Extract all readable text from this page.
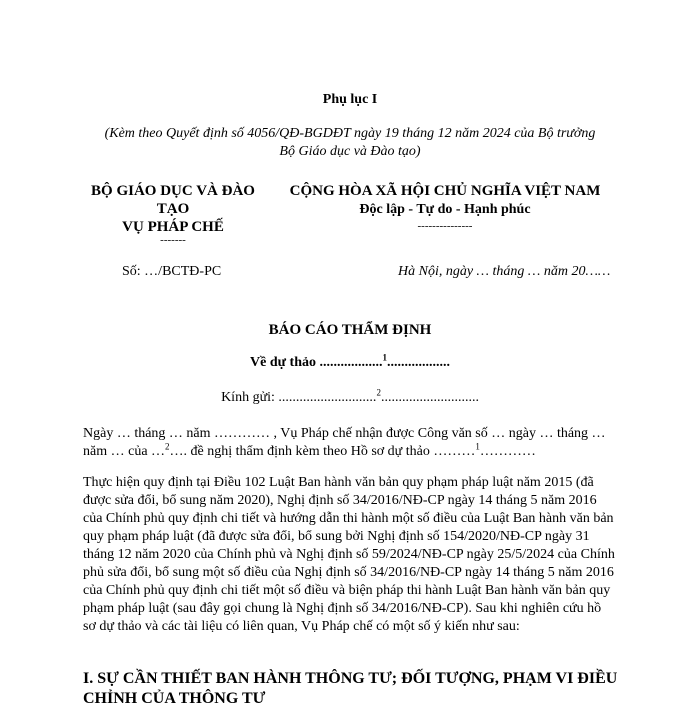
Phụ lục I
(Kèm theo Quyết định số 4056/QĐ-BGDĐT ngày 19 tháng 12 năm 2024 của Bộ trưởng
Bộ Giáo dục và Đào tạo)
BỘ GIÁO DỤC VÀ ĐÀO
TẠO
VỤ PHÁP CHẾ
-------
Số: …/BCTĐ-PC
CỘNG HÒA XÃ HỘI CHỦ NGHĨA VIỆT NAM
Độc lập - Tự do - Hạnh phúc
---------------
Hà Nội, ngày … tháng … năm 20……
BÁO CÁO THẨM ĐỊNH
Về dự thảo ..................$^1$..................
Kính gửi: ............................$^2$............................
Ngày … tháng … năm ………… , Vụ Pháp chế nhận được Công văn số … ngày … tháng … năm … của …$^2$…. đề nghị thẩm định kèm theo Hồ sơ dự thảo ………$^1$…………
Thực hiện quy định tại Điều 102 Luật Ban hành văn bản quy phạm pháp luật năm 2015 (đã được sửa đổi, bổ sung năm 2020), Nghị định số 34/2016/NĐ-CP ngày 14 tháng 5 năm 2016 của Chính phủ quy định chi tiết và hướng dẫn thi hành một số điều của Luật Ban hành văn bản quy phạm pháp luật (đã được sửa đổi, bổ sung bởi Nghị định số 154/2020/NĐ-CP ngày 31 tháng 12 năm 2020 của Chính phủ và Nghị định số 59/2024/NĐ-CP ngày 25/5/2024 của Chính phủ sửa đổi, bổ sung một số điều của Nghị định số 34/2016/NĐ-CP ngày 14 tháng 5 năm 2016 của Chính phủ quy định chi tiết một số điều và biện pháp thi hành Luật Ban hành văn bản quy phạm pháp luật (sau đây gọi chung là Nghị định số 34/2016/NĐ-CP). Sau khi nghiên cứu hồ sơ dự thảo và các tài liệu có liên quan, Vụ Pháp chế có một số ý kiến như sau:
I. SỰ CẦN THIẾT BAN HÀNH THÔNG TƯ; ĐỐI TƯỢNG, PHẠM VI ĐIỀU CHỈNH CỦA THÔNG TƯ
